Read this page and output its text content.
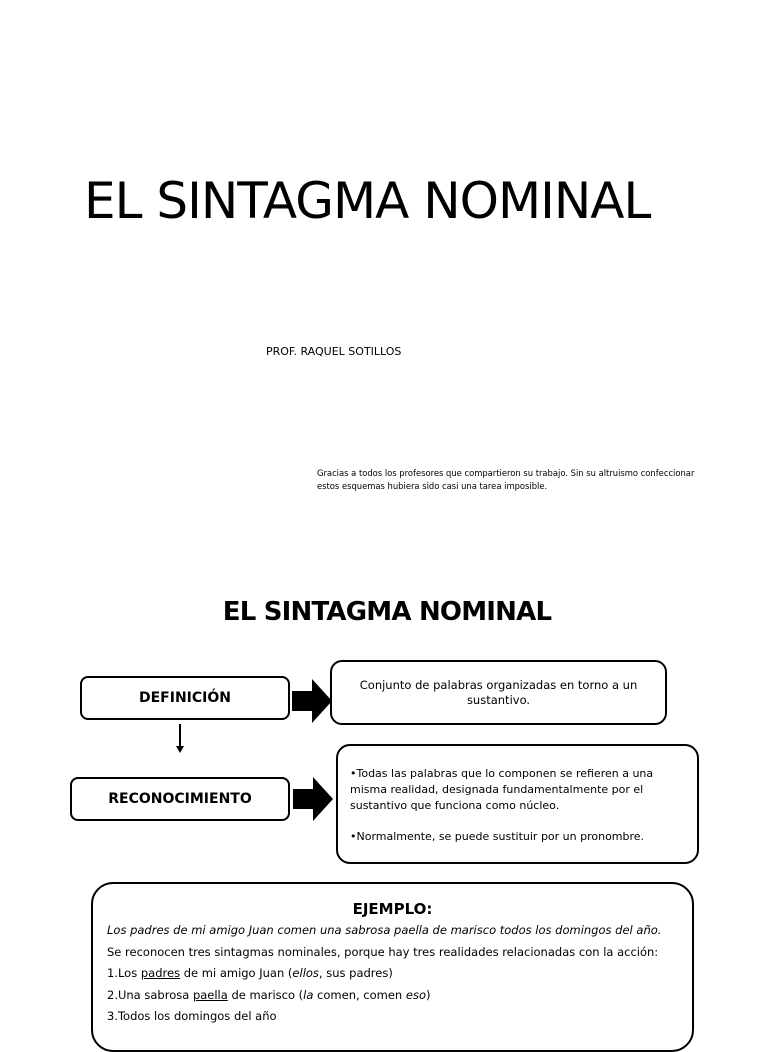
EL SINTAGMA NOMINAL
PROF. RAQUEL SOTILLOS
Gracias a todos los profesores que compartieron su trabajo. Sin su altruismo confeccionar
estos esquemas hubiera sido casi una tarea imposible.
EL SINTAGMA NOMINAL
DEFINICIÓN
Conjunto de palabras organizadas en torno a un sustantivo.
RECONOCIMIENTO

•Todas las palabras que lo componen se refieren a una misma realidad, designada fundamentalmente por el sustantivo que funciona como núcleo.

•Normalmente, se puede sustituir por un pronombre.

EJEMPLO:
Los padres de mi amigo Juan comen una sabrosa paella de marisco todos los domingos del año.
Se reconocen tres sintagmas nominales, porque hay tres realidades relacionadas con la acción:
1.Los padres de mi amigo Juan (ellos, sus padres)
2.Una sabrosa paella de marisco (la comen, comen eso)
3.Todos los domingos del año
